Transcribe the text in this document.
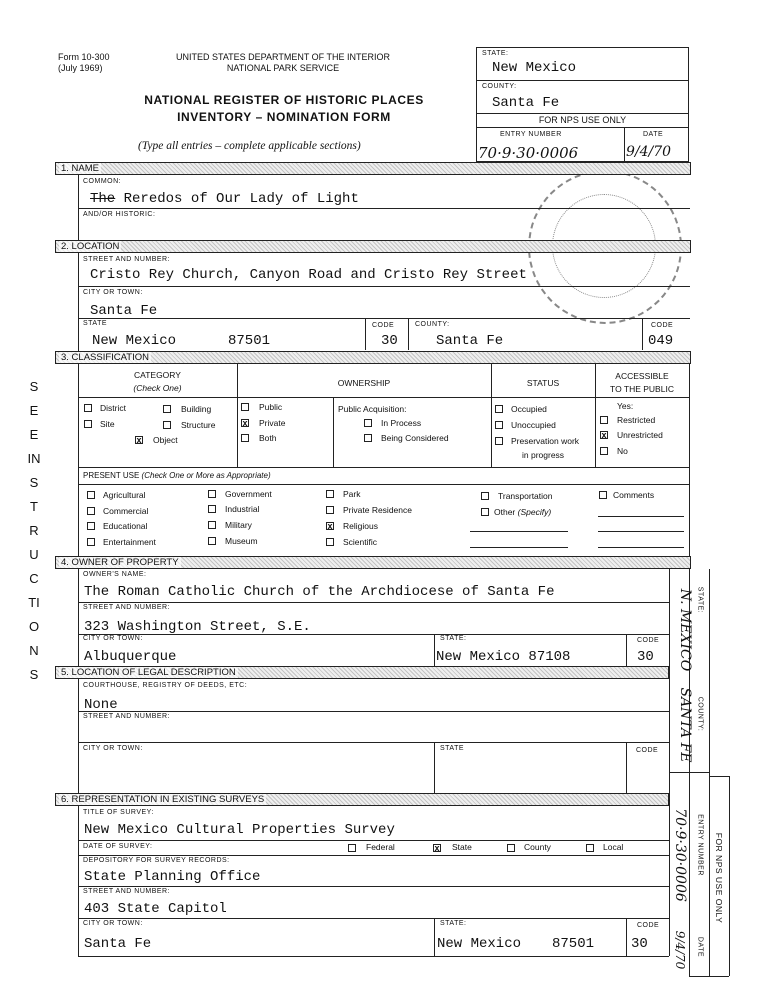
Form 10-300
(July 1969)
UNITED STATES DEPARTMENT OF THE INTERIOR
NATIONAL PARK SERVICE
NATIONAL REGISTER OF HISTORIC PLACES
INVENTORY – NOMINATION FORM
(Type all entries – complete applicable sections)
STATE:
New Mexico
COUNTY:
Santa Fe
FOR NPS USE ONLY
ENTRY NUMBER	DATE
70·9·30·0006	9/4/70
SEE INSTRUCTIONS
1. NAME
COMMON:
The Reredos of Our Lady of Light
AND/OR HISTORIC:
2. LOCATION
STREET AND NUMBER:
Cristo Rey Church, Canyon Road and Cristo Rey Street
CITY OR TOWN:
Santa Fe
STATE
New Mexico	87501
CODE
30
COUNTY:
Santa Fe
CODE
049
3. CLASSIFICATION
CATEGORY
(Check One)	OWNERSHIP	STATUS
ACCESSIBLE
TO THE PUBLIC
District	Building
Site	Structure
x Object
Public
x Private
Both
Public Acquisition:
In Process
Being Considered
Occupied
Unoccupied
Preservation work
in progress
Yes:
Restricted
x Unrestricted
No
PRESENT USE (Check One or More as Appropriate)
Agricultural
Commercial
Educational
Entertainment
Government
Industrial
Military
Museum
Park
Private Residence
x Religious
Scientific
Transportation
Other (Specify)
Comments
4. OWNER OF PROPERTY
OWNER'S NAME:
The Roman Catholic Church of the Archdiocese of Santa Fe
STREET AND NUMBER:
323 Washington Street, S.E.
CITY OR TOWN:
Albuquerque
STATE:
New Mexico 87108
CODE
30
5. LOCATION OF LEGAL DESCRIPTION
COURTHOUSE, REGISTRY OF DEEDS, ETC:
None
STREET AND NUMBER:
CITY OR TOWN:	STATE	CODE
6. REPRESENTATION IN EXISTING SURVEYS
TITLE OF SURVEY:
New Mexico Cultural Properties Survey
DATE OF SURVEY:	Federal	x State	County	Local
DEPOSITORY FOR SURVEY RECORDS:
State Planning Office
STREET AND NUMBER:
403 State Capitol
CITY OR TOWN:
Santa Fe
STATE:
New Mexico 87501
CODE
30
STATE:
N. MEXICO
COUNTY:
SANTA FE
ENTRY NUMBER
70·9·30·0006
DATE
9/4/70
FOR NPS USE ONLY
